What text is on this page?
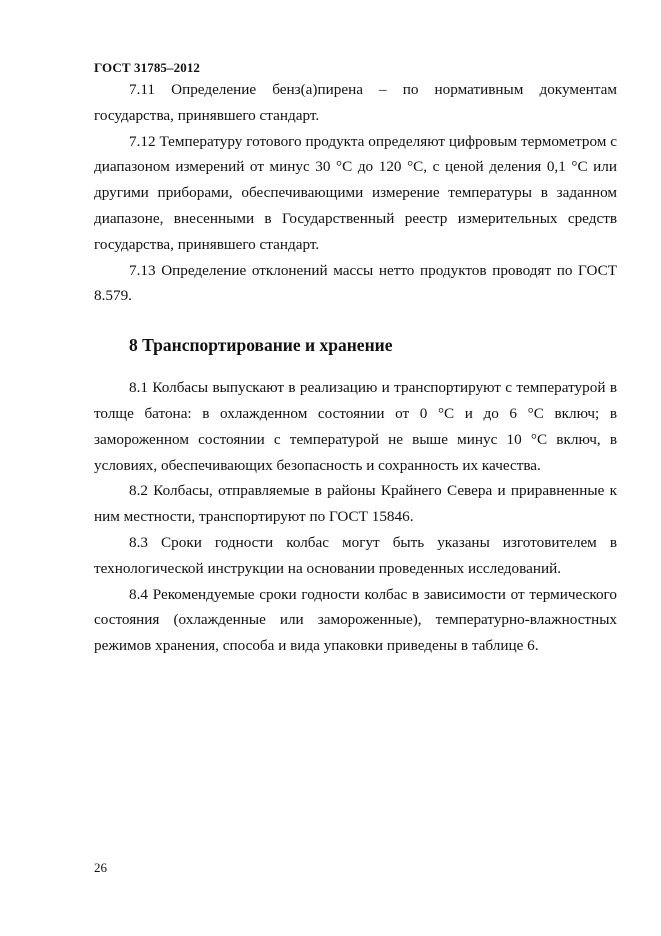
ГОСТ 31785–2012

7.11 Определение бенз(а)пирена – по нормативным документам государства, принявшего стандарт.

7.12 Температуру готового продукта определяют цифровым термометром с диапазоном измерений от минус 30 °С до 120 °С, с ценой деления 0,1 °С или другими приборами, обеспечивающими измерение температуры в заданном диапазоне, внесенными в Государственный реестр измерительных средств государства, принявшего стандарт.

7.13 Определение отклонений массы нетто продуктов проводят по ГОСТ 8.579.

8 Транспортирование и хранение

8.1 Колбасы выпускают в реализацию и транспортируют с температурой в толще батона: в охлажденном состоянии от 0 °С и до 6 °С включ; в замороженном состоянии с температурой не выше минус 10 °С включ, в условиях, обеспечивающих безопасность и сохранность их качества.

8.2 Колбасы, отправляемые в районы Крайнего Севера и приравненные к ним местности, транспортируют по ГОСТ 15846.

8.3 Сроки годности колбас могут быть указаны изготовителем в технологической инструкции на основании проведенных исследований.

8.4 Рекомендуемые сроки годности колбас в зависимости от термического состояния (охлажденные или замороженные), температурно-влажностных режимов хранения, способа и вида упаковки приведены в таблице 6.

26
